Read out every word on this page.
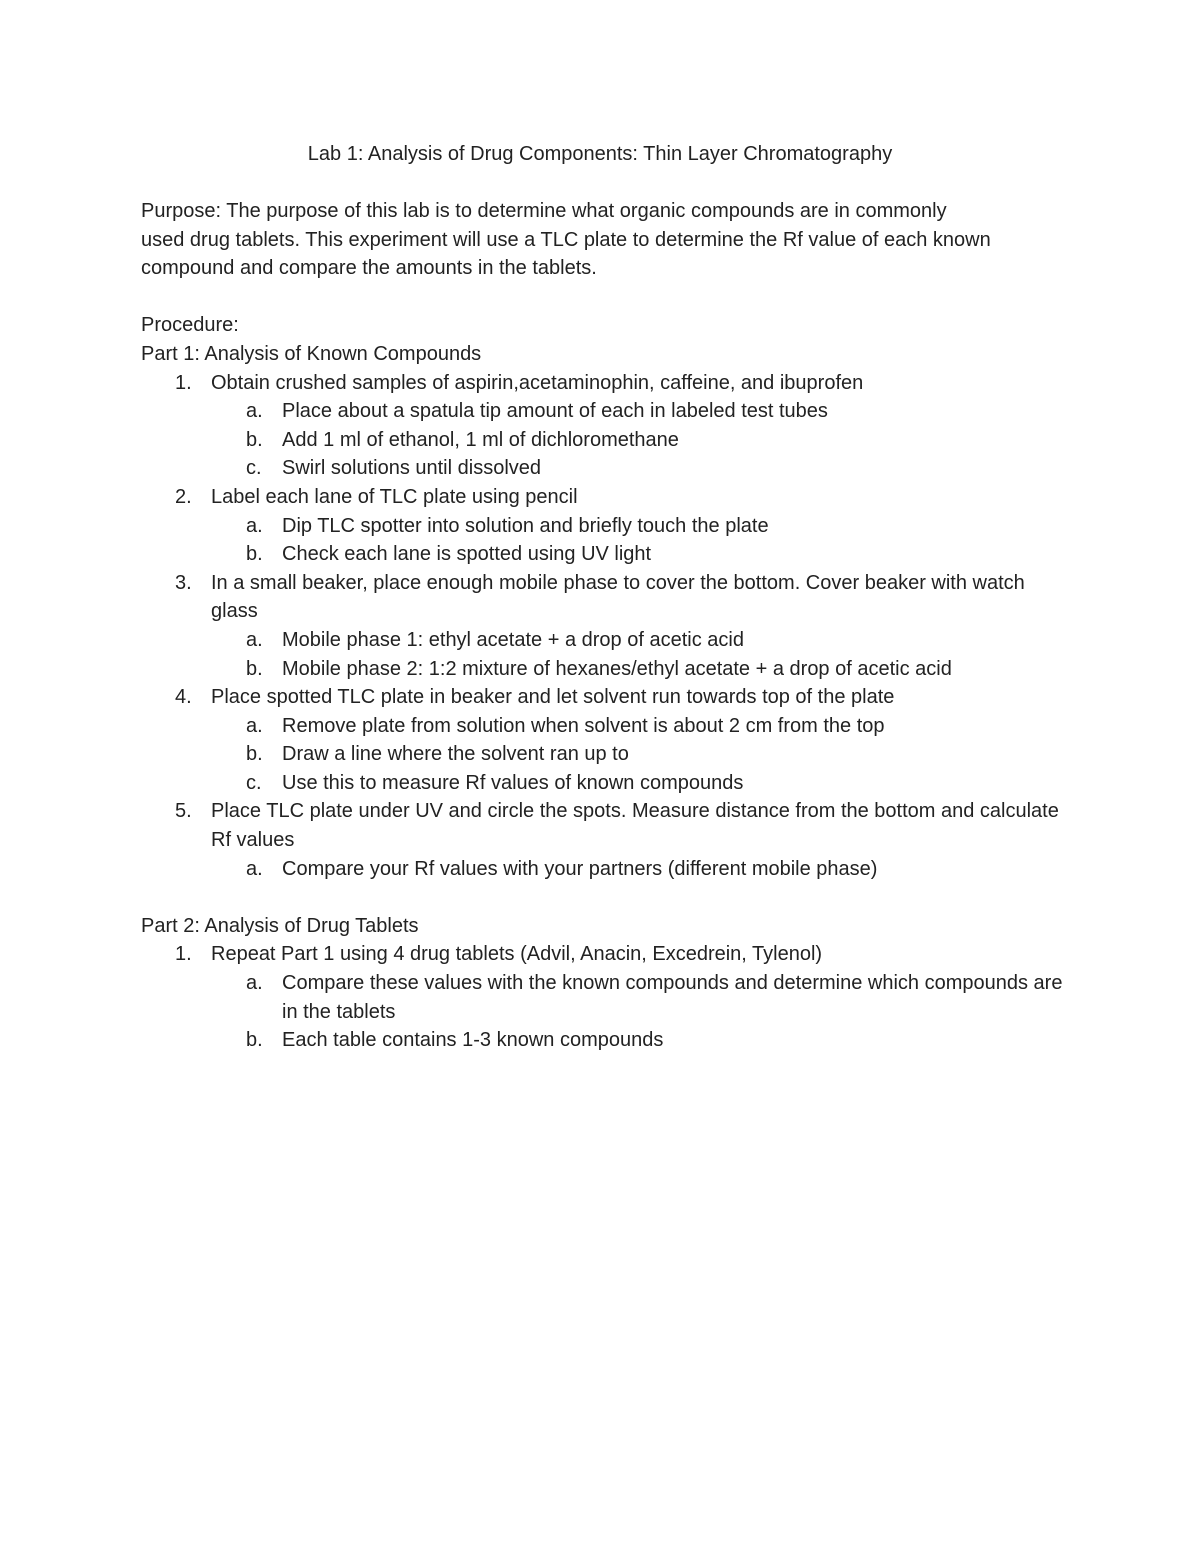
Lab 1: Analysis of Drug Components: Thin Layer Chromatography
Purpose: The purpose of this lab is to determine what organic compounds are in commonly
used drug tablets. This experiment will use a TLC plate to determine the Rf value of each known
compound and compare the amounts in the tablets.
Procedure:
Part 1: Analysis of Known Compounds
1. Obtain crushed samples of aspirin,acetaminophin, caffeine, and ibuprofen
a. Place about a spatula tip amount of each in labeled test tubes
b. Add 1 ml of ethanol, 1 ml of dichloromethane
c.	Swirl solutions until dissolved
2. Label each lane of TLC plate using pencil
a. Dip TLC spotter into solution and briefly touch the plate
b. Check each lane is spotted using UV light
3. In a small beaker, place enough mobile phase to cover the bottom. Cover beaker with watch glass
a. Mobile phase 1: ethyl acetate + a drop of acetic acid
b. Mobile phase 2: 1:2 mixture of hexanes/ethyl acetate + a drop of acetic acid
4. Place spotted TLC plate in beaker and let solvent run towards top of the plate
a. Remove plate from solution when solvent is about 2 cm from the top
b. Draw a line where the solvent ran up to
c.	Use this to measure Rf values of known compounds
5. Place TLC plate under UV and circle the spots. Measure distance from the bottom and calculate Rf values
a. Compare your Rf values with your partners (different mobile phase)
Part 2: Analysis of Drug Tablets
1. Repeat Part 1 using 4 drug tablets (Advil, Anacin, Excedrein, Tylenol)
a. Compare these values with the known compounds and determine which compounds are in the tablets
b. Each table contains 1-3 known compounds
